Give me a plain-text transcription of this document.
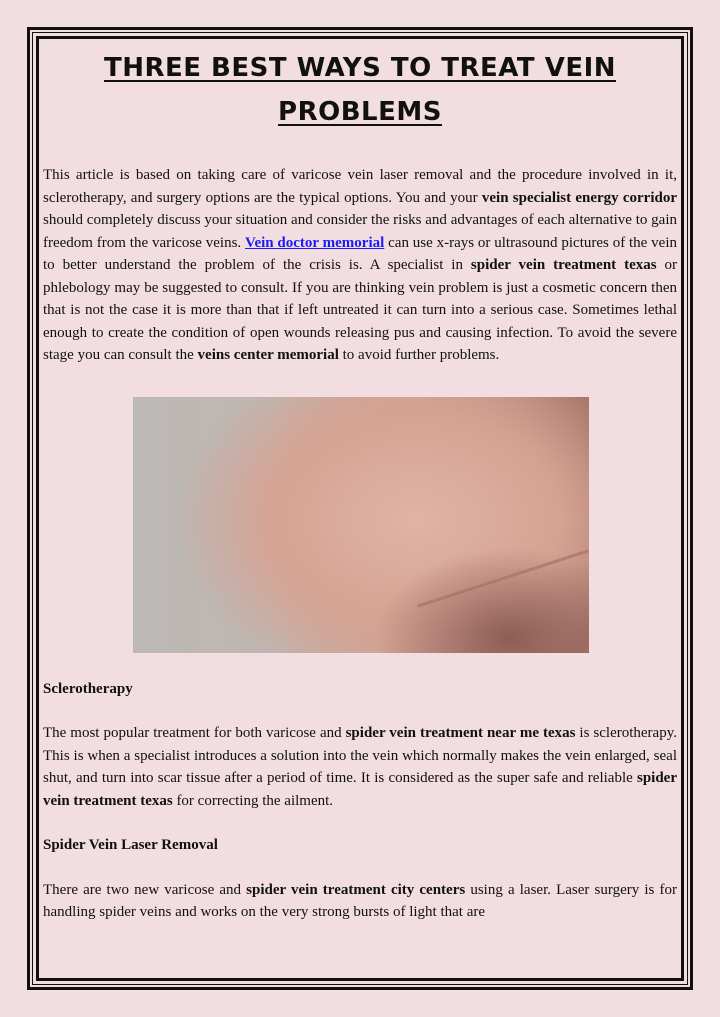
THREE BEST WAYS TO TREAT VEIN PROBLEMS

This article is based on taking care of varicose vein laser removal and the procedure involved in it, sclerotherapy, and surgery options are the typical options. You and your vein specialist energy corridor should completely discuss your situation and consider the risks and advantages of each alternative to gain freedom from the varicose veins. Vein doctor memorial can use x-rays or ultrasound pictures of the vein to better understand the problem of the crisis is. A specialist in spider vein treatment texas or phlebology may be suggested to consult. If you are thinking vein problem is just a cosmetic concern then that is not the case it is more than that if left untreated it can turn into a serious case. Sometimes lethal enough to create the condition of open wounds releasing pus and causing infection. To avoid the severe stage you can consult the veins center memorial to avoid further problems.

Sclerotherapy

The most popular treatment for both varicose and spider vein treatment near me texas is sclerotherapy. This is when a specialist introduces a solution into the vein which normally makes the vein enlarged, seal shut, and turn into scar tissue after a period of time. It is considered as the super safe and reliable spider vein treatment texas for correcting the ailment.

Spider Vein Laser Removal

There are two new varicose and spider vein treatment city centers using a laser. Laser surgery is for handling spider veins and works on the very strong bursts of light that are
